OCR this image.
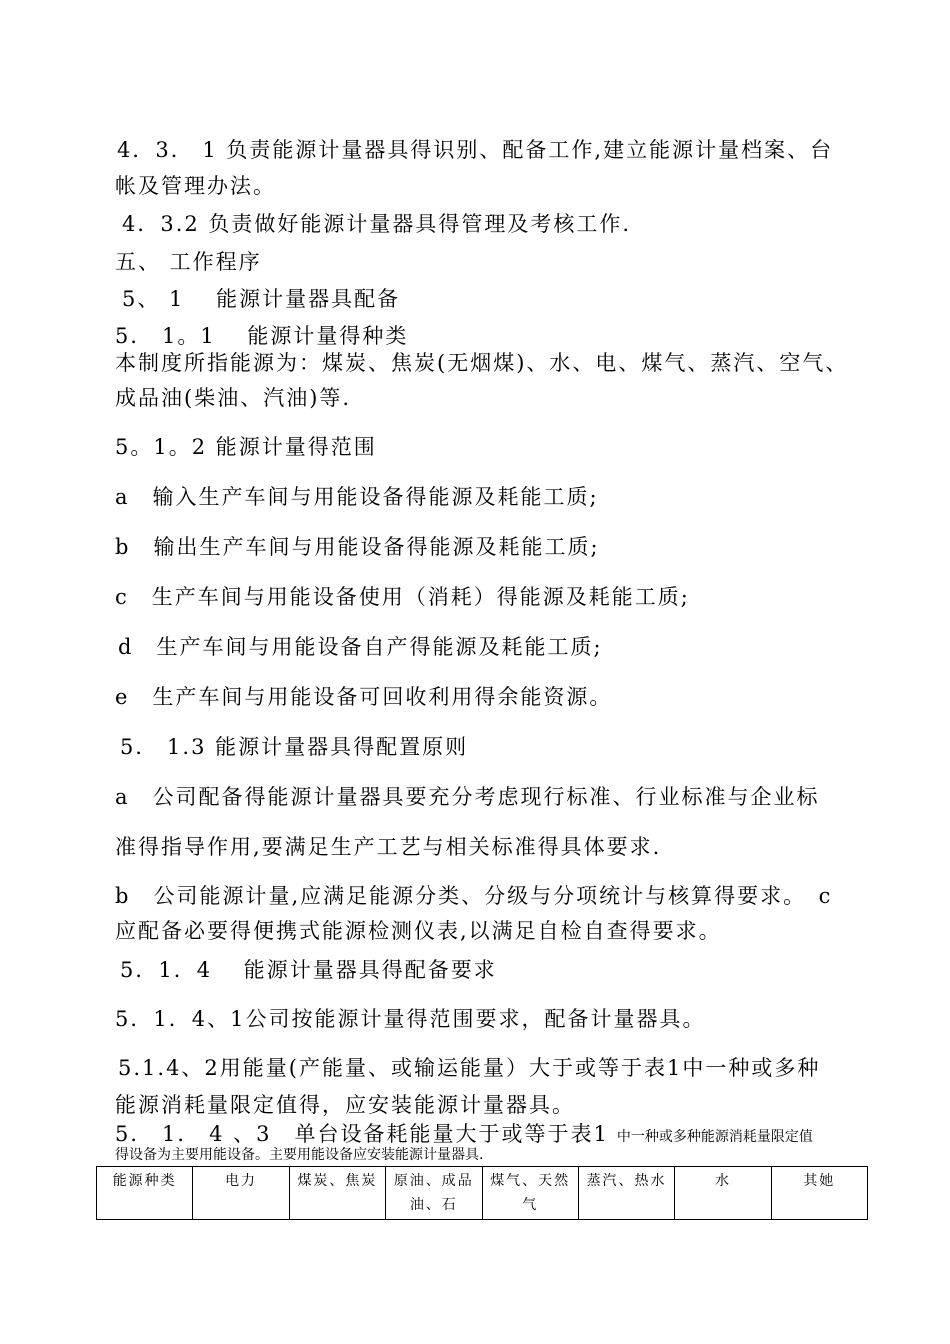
4．3． 1 负责能源计量器具得识别、配备工作,建立能源计量档案、台
帐及管理办法。
4．3.2 负责做好能源计量器具得管理及考核工作.
五、 工作程序
5、 1　 能源计量器具配备
5． 1。1　 能源计量得种类
本制度所指能源为：煤炭、焦炭(无烟煤)、水、电、煤气、蒸汽、空气、
成品油(柴油、汽油)等.
5。1。2 能源计量得范围
a　输入生产车间与用能设备得能源及耗能工质;
b　输出生产车间与用能设备得能源及耗能工质;
c　生产车间与用能设备使用（消耗）得能源及耗能工质;
d　生产车间与用能设备自产得能源及耗能工质;
e　生产车间与用能设备可回收利用得余能资源。
5． 1.3 能源计量器具得配置原则
a　公司配备得能源计量器具要充分考虑现行标准、行业标准与企业标
准得指导作用,要满足生产工艺与相关标准得具体要求.
b　公司能源计量,应满足能源分类、分级与分项统计与核算得要求。　c
应配备必要得便携式能源检测仪表,以满足自检自查得要求。
5．1．4　 能源计量器具得配备要求
5．1．4、1公司按能源计量得范围要求，配备计量器具。
5.1.4、2用能量(产能量、或输运能量）大于或等于表1中一种或多种
能源消耗量限定值得，应安装能源计量器具。
5． 1． 4 、3　单台设备耗能量大于或等于表1 中一种或多种能源消耗量限定值
得设备为主要用能设备。主要用能设备应安装能源计量器具.
能源种类	电力	煤炭、焦炭	原油、成品油、石	煤气、天然气	蒸汽、热水	水	其她
